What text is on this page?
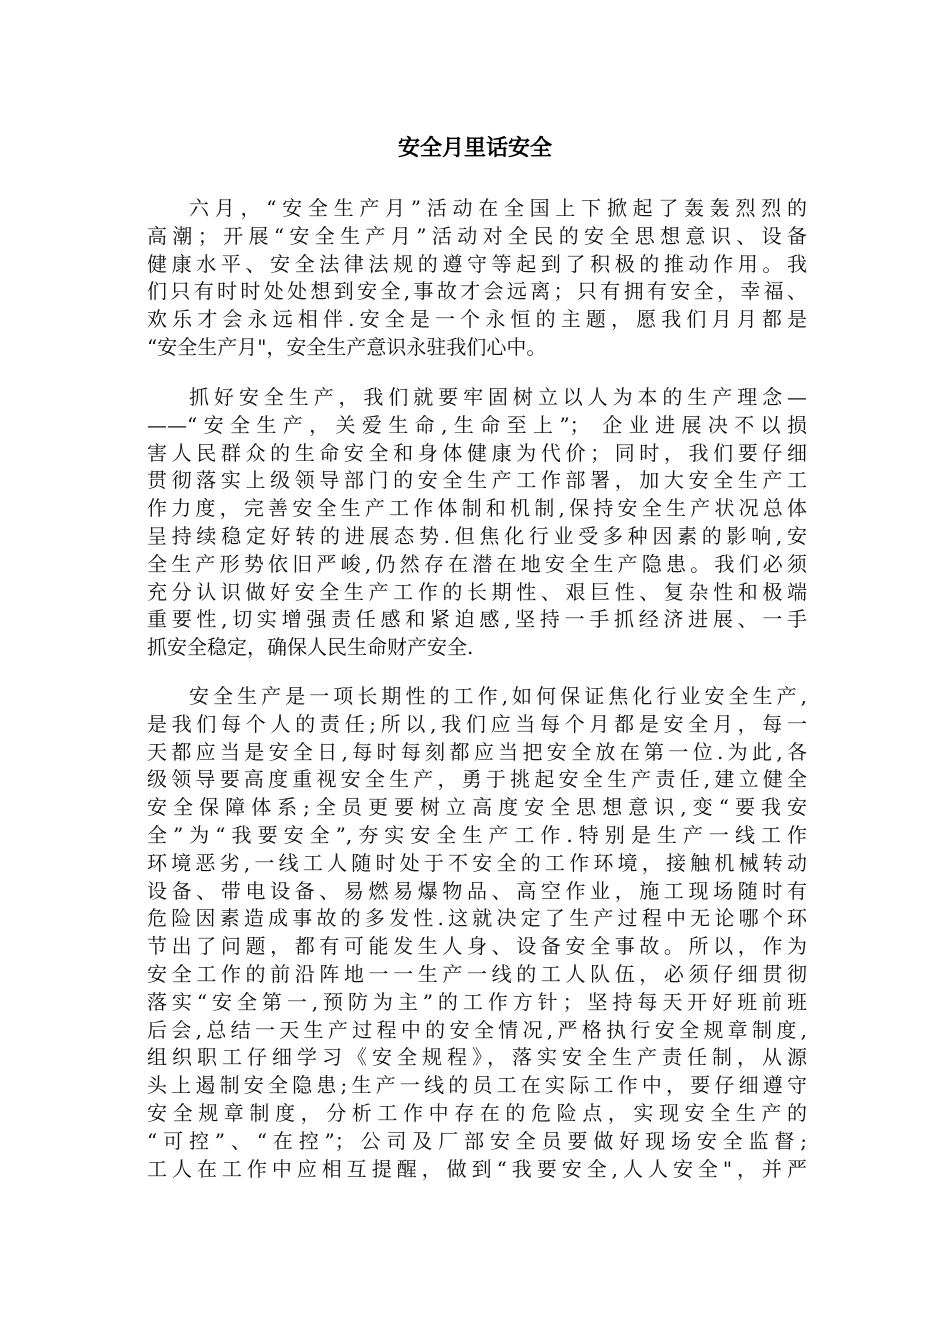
安全月里话安全
六月，“安全生产月”活动在全国上下掀起了轰轰烈烈的
高潮；开展“安全生产月”活动对全民的安全思想意识、设备
健康水平、安全法律法规的遵守等起到了积极的推动作用。我
们只有时时处处想到安全,事故才会远离；只有拥有安全，幸福、
欢乐才会永远相伴.安全是一个永恒的主题，愿我们月月都是
“安全生产月"，安全生产意识永驻我们心中。
抓好安全生产，我们就要牢固树立以人为本的生产理念—
——“安全生产，关爱生命,生命至上”； 企业进展决不以损
害人民群众的生命安全和身体健康为代价；同时，我们要仔细
贯彻落实上级领导部门的安全生产工作部署，加大安全生产工
作力度，完善安全生产工作体制和机制,保持安全生产状况总体
呈持续稳定好转的进展态势.但焦化行业受多种因素的影响,安
全生产形势依旧严峻,仍然存在潜在地安全生产隐患。我们必须
充分认识做好安全生产工作的长期性、艰巨性、复杂性和极端
重要性,切实增强责任感和紧迫感,坚持一手抓经济进展、一手
抓安全稳定，确保人民生命财产安全.
安全生产是一项长期性的工作,如何保证焦化行业安全生产,
是我们每个人的责任;所以,我们应当每个月都是安全月，每一
天都应当是安全日,每时每刻都应当把安全放在第一位.为此,各
级领导要高度重视安全生产，勇于挑起安全生产责任,建立健全
安全保障体系;全员更要树立高度安全思想意识,变“要我安
全”为“我要安全”,夯实安全生产工作.特别是生产一线工作
环境恶劣,一线工人随时处于不安全的工作环境，接触机械转动
设备、带电设备、易燃易爆物品、高空作业，施工现场随时有
危险因素造成事故的多发性.这就决定了生产过程中无论哪个环
节出了问题，都有可能发生人身、设备安全事故。所以，作为
安全工作的前沿阵地一一生产一线的工人队伍，必须仔细贯彻
落实“安全第一,预防为主”的工作方针；坚持每天开好班前班
后会,总结一天生产过程中的安全情况,严格执行安全规章制度,
组织职工仔细学习《安全规程》，落实安全生产责任制，从源
头上遏制安全隐患;生产一线的员工在实际工作中，要仔细遵守
安全规章制度，分析工作中存在的危险点，实现安全生产的
“可控”、“在控”；公司及厂部安全员要做好现场安全监督;
工人在工作中应相互提醒，做到“我要安全,人人安全"，并严
